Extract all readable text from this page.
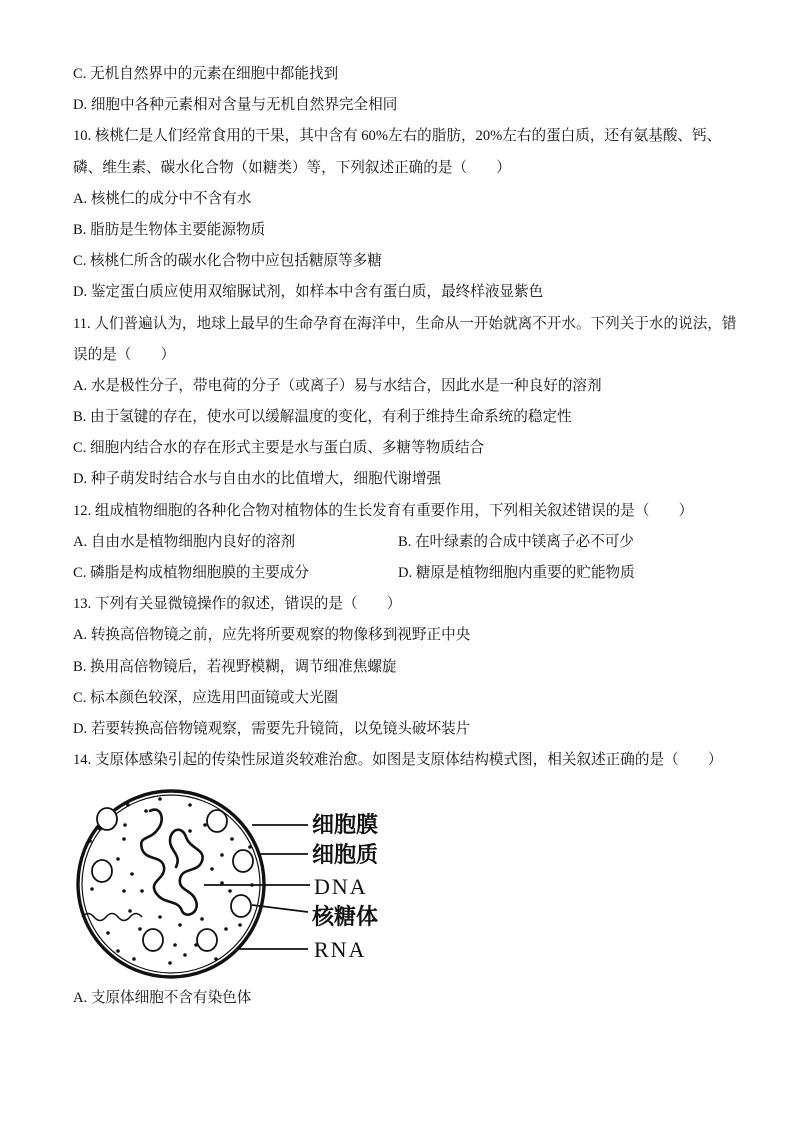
C. 无机自然界中的元素在细胞中都能找到
D. 细胞中各种元素相对含量与无机自然界完全相同
10. 核桃仁是人们经常食用的干果，其中含有 60%左右的脂肪，20%左右的蛋白质，还有氨基酸、钙、
磷、维生素、碳水化合物（如糖类）等，下列叙述正确的是（　　）
A. 核桃仁的成分中不含有水
B. 脂肪是生物体主要能源物质
C. 核桃仁所含的碳水化合物中应包括糖原等多糖
D. 鉴定蛋白质应使用双缩脲试剂，如样本中含有蛋白质，最终样液显紫色
11. 人们普遍认为，地球上最早的生命孕育在海洋中，生命从一开始就离不开水。下列关于水的说法，错
误的是（　　）
A. 水是极性分子，带电荷的分子（或离子）易与水结合，因此水是一种良好的溶剂
B. 由于氢键的存在，使水可以缓解温度的变化，有利于维持生命系统的稳定性
C. 细胞内结合水的存在形式主要是水与蛋白质、多糖等物质结合
D. 种子萌发时结合水与自由水的比值增大，细胞代谢增强
12. 组成植物细胞的各种化合物对植物体的生长发育有重要作用，下列相关叙述错误的是（　　）
A. 自由水是植物细胞内良好的溶剂	B. 在叶绿素的合成中镁离子必不可少
C. 磷脂是构成植物细胞膜的主要成分	D. 糖原是植物细胞内重要的贮能物质
13. 下列有关显微镜操作的叙述，错误的是（　　）
A. 转换高倍物镜之前，应先将所要观察的物像移到视野正中央
B. 换用高倍物镜后，若视野模糊，调节细准焦螺旋
C. 标本颜色较深，应选用凹面镜或大光圈
D. 若要转换高倍物镜观察，需要先升镜筒，以免镜头破坏装片
14. 支原体感染引起的传染性尿道炎较难治愈。如图是支原体结构模式图，相关叙述正确的是（　　）
细胞膜
细胞质
DNA
核糖体
RNA
A. 支原体细胞不含有染色体
